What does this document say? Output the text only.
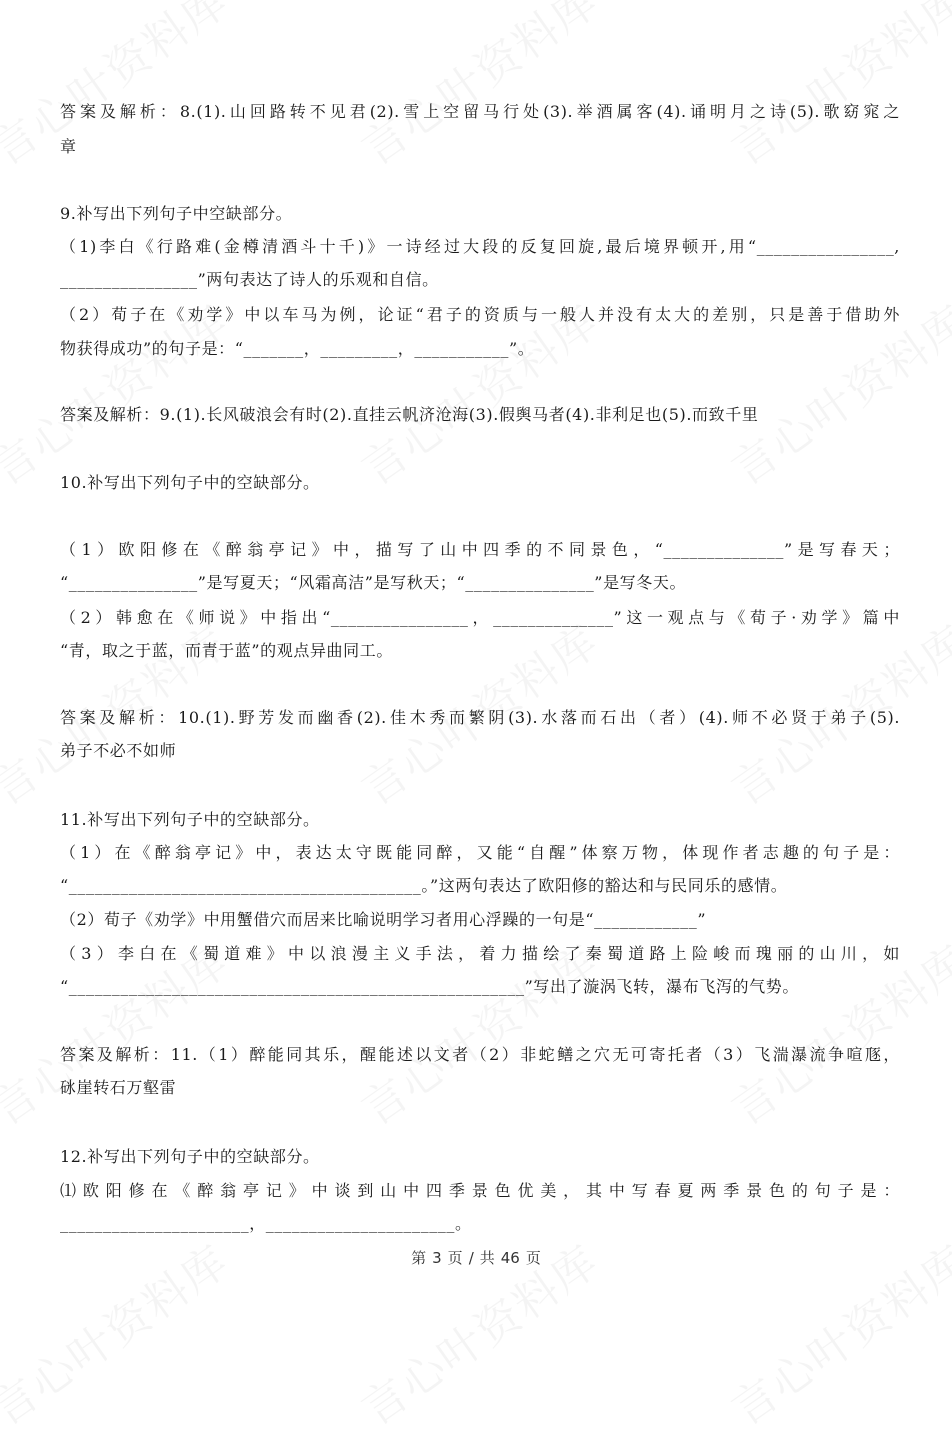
答案及解析：8.(1).山回路转不见君(2).雪上空留马行处(3).举酒属客(4).诵明月之诗(5).歌窈窕之
章
9.补写出下列句子中空缺部分。
（1)李白《行路难(金樽清酒斗十千)》一诗经过大段的反复回旋,最后境界顿开,用“________________,
________________”两句表达了诗人的乐观和自信。
（2）荀子在《劝学》中以车马为例，论证“君子的资质与一般人并没有太大的差别，只是善于借助外
物获得成功”的句子是：“_______，_________，___________”。
答案及解析：9.(1).长风破浪会有时(2).直挂云帆济沧海(3).假舆马者(4).非利足也(5).而致千里
10.补写出下列句子中的空缺部分。
（1）欧阳修在《醉翁亭记》中，描写了山中四季的不同景色，“______________”是写春天；
“_______________”是写夏天；“风霜高洁”是写秋天；“_______________”是写冬天。
（2）韩愈在《师说》中指出“________________，______________”这一观点与《荀子·劝学》篇中
“青，取之于蓝，而青于蓝”的观点异曲同工。
答案及解析：10.(1).野芳发而幽香(2).佳木秀而繁阴(3).水落而石出（者）(4).师不必贤于弟子(5).
弟子不必不如师
11.补写出下列句子中的空缺部分。
（1）在《醉翁亭记》中，表达太守既能同醉，又能“自醒”体察万物，体现作者志趣的句子是：
“_________________________________________。”这两句表达了欧阳修的豁达和与民同乐的感情。
（2）荀子《劝学》中用蟹借穴而居来比喻说明学习者用心浮躁的一句是“____________”
（3）李白在《蜀道难》中以浪漫主义手法，着力描绘了秦蜀道路上险峻而瑰丽的山川，如
“_____________________________________________________”写出了漩涡飞转，瀑布飞泻的气势。
答案及解析：11.（1）醉能同其乐，醒能述以文者（2）非蛇鳝之穴无可寄托者（3）飞湍瀑流争喧豗，
砯崖转石万壑雷
12.补写出下列句子中的空缺部分。
⑴欧阳修在《醉翁亭记》中谈到山中四季景色优美，其中写春夏两季景色的句子是：
______________________，______________________。
第 3 页 / 共 46 页
